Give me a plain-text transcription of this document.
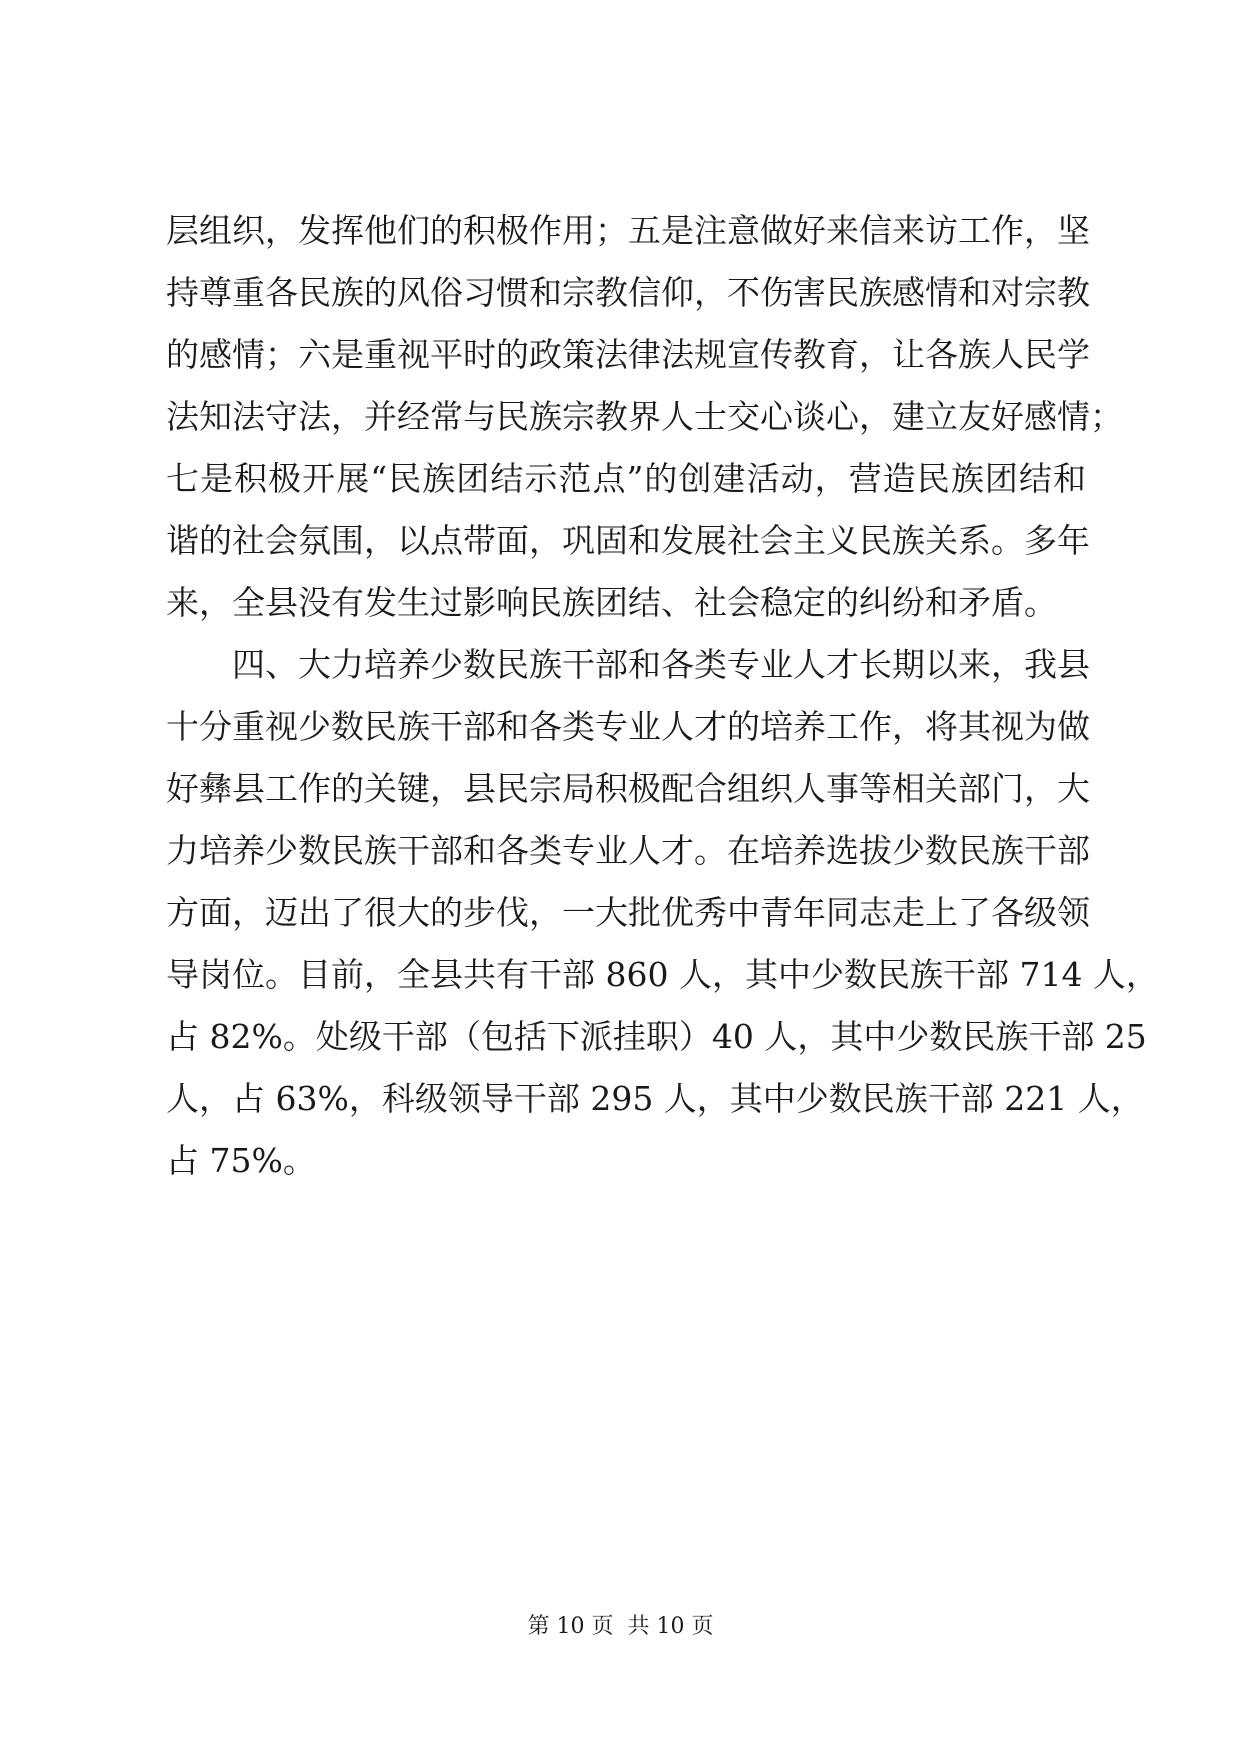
层组织，发挥他们的积极作用；五是注意做好来信来访工作，坚
持尊重各民族的风俗习惯和宗教信仰，不伤害民族感情和对宗教
的感情；六是重视平时的政策法律法规宣传教育，让各族人民学
法知法守法，并经常与民族宗教界人士交心谈心，建立友好感情；
七是积极开展“民族团结示范点”的创建活动，营造民族团结和
谐的社会氛围，以点带面，巩固和发展社会主义民族关系。多年
来，全县没有发生过影响民族团结、社会稳定的纠纷和矛盾。
四、大力培养少数民族干部和各类专业人才长期以来，我县
十分重视少数民族干部和各类专业人才的培养工作，将其视为做
好彝县工作的关键，县民宗局积极配合组织人事等相关部门，大
力培养少数民族干部和各类专业人才。在培养选拔少数民族干部
方面，迈出了很大的步伐，一大批优秀中青年同志走上了各级领
导岗位。目前，全县共有干部 860 人，其中少数民族干部 714 人，
占 82%。处级干部（包括下派挂职）40 人，其中少数民族干部 25
人，占 63%，科级领导干部 295 人，其中少数民族干部 221 人，
占 75%。
第 10 页  共 10 页
